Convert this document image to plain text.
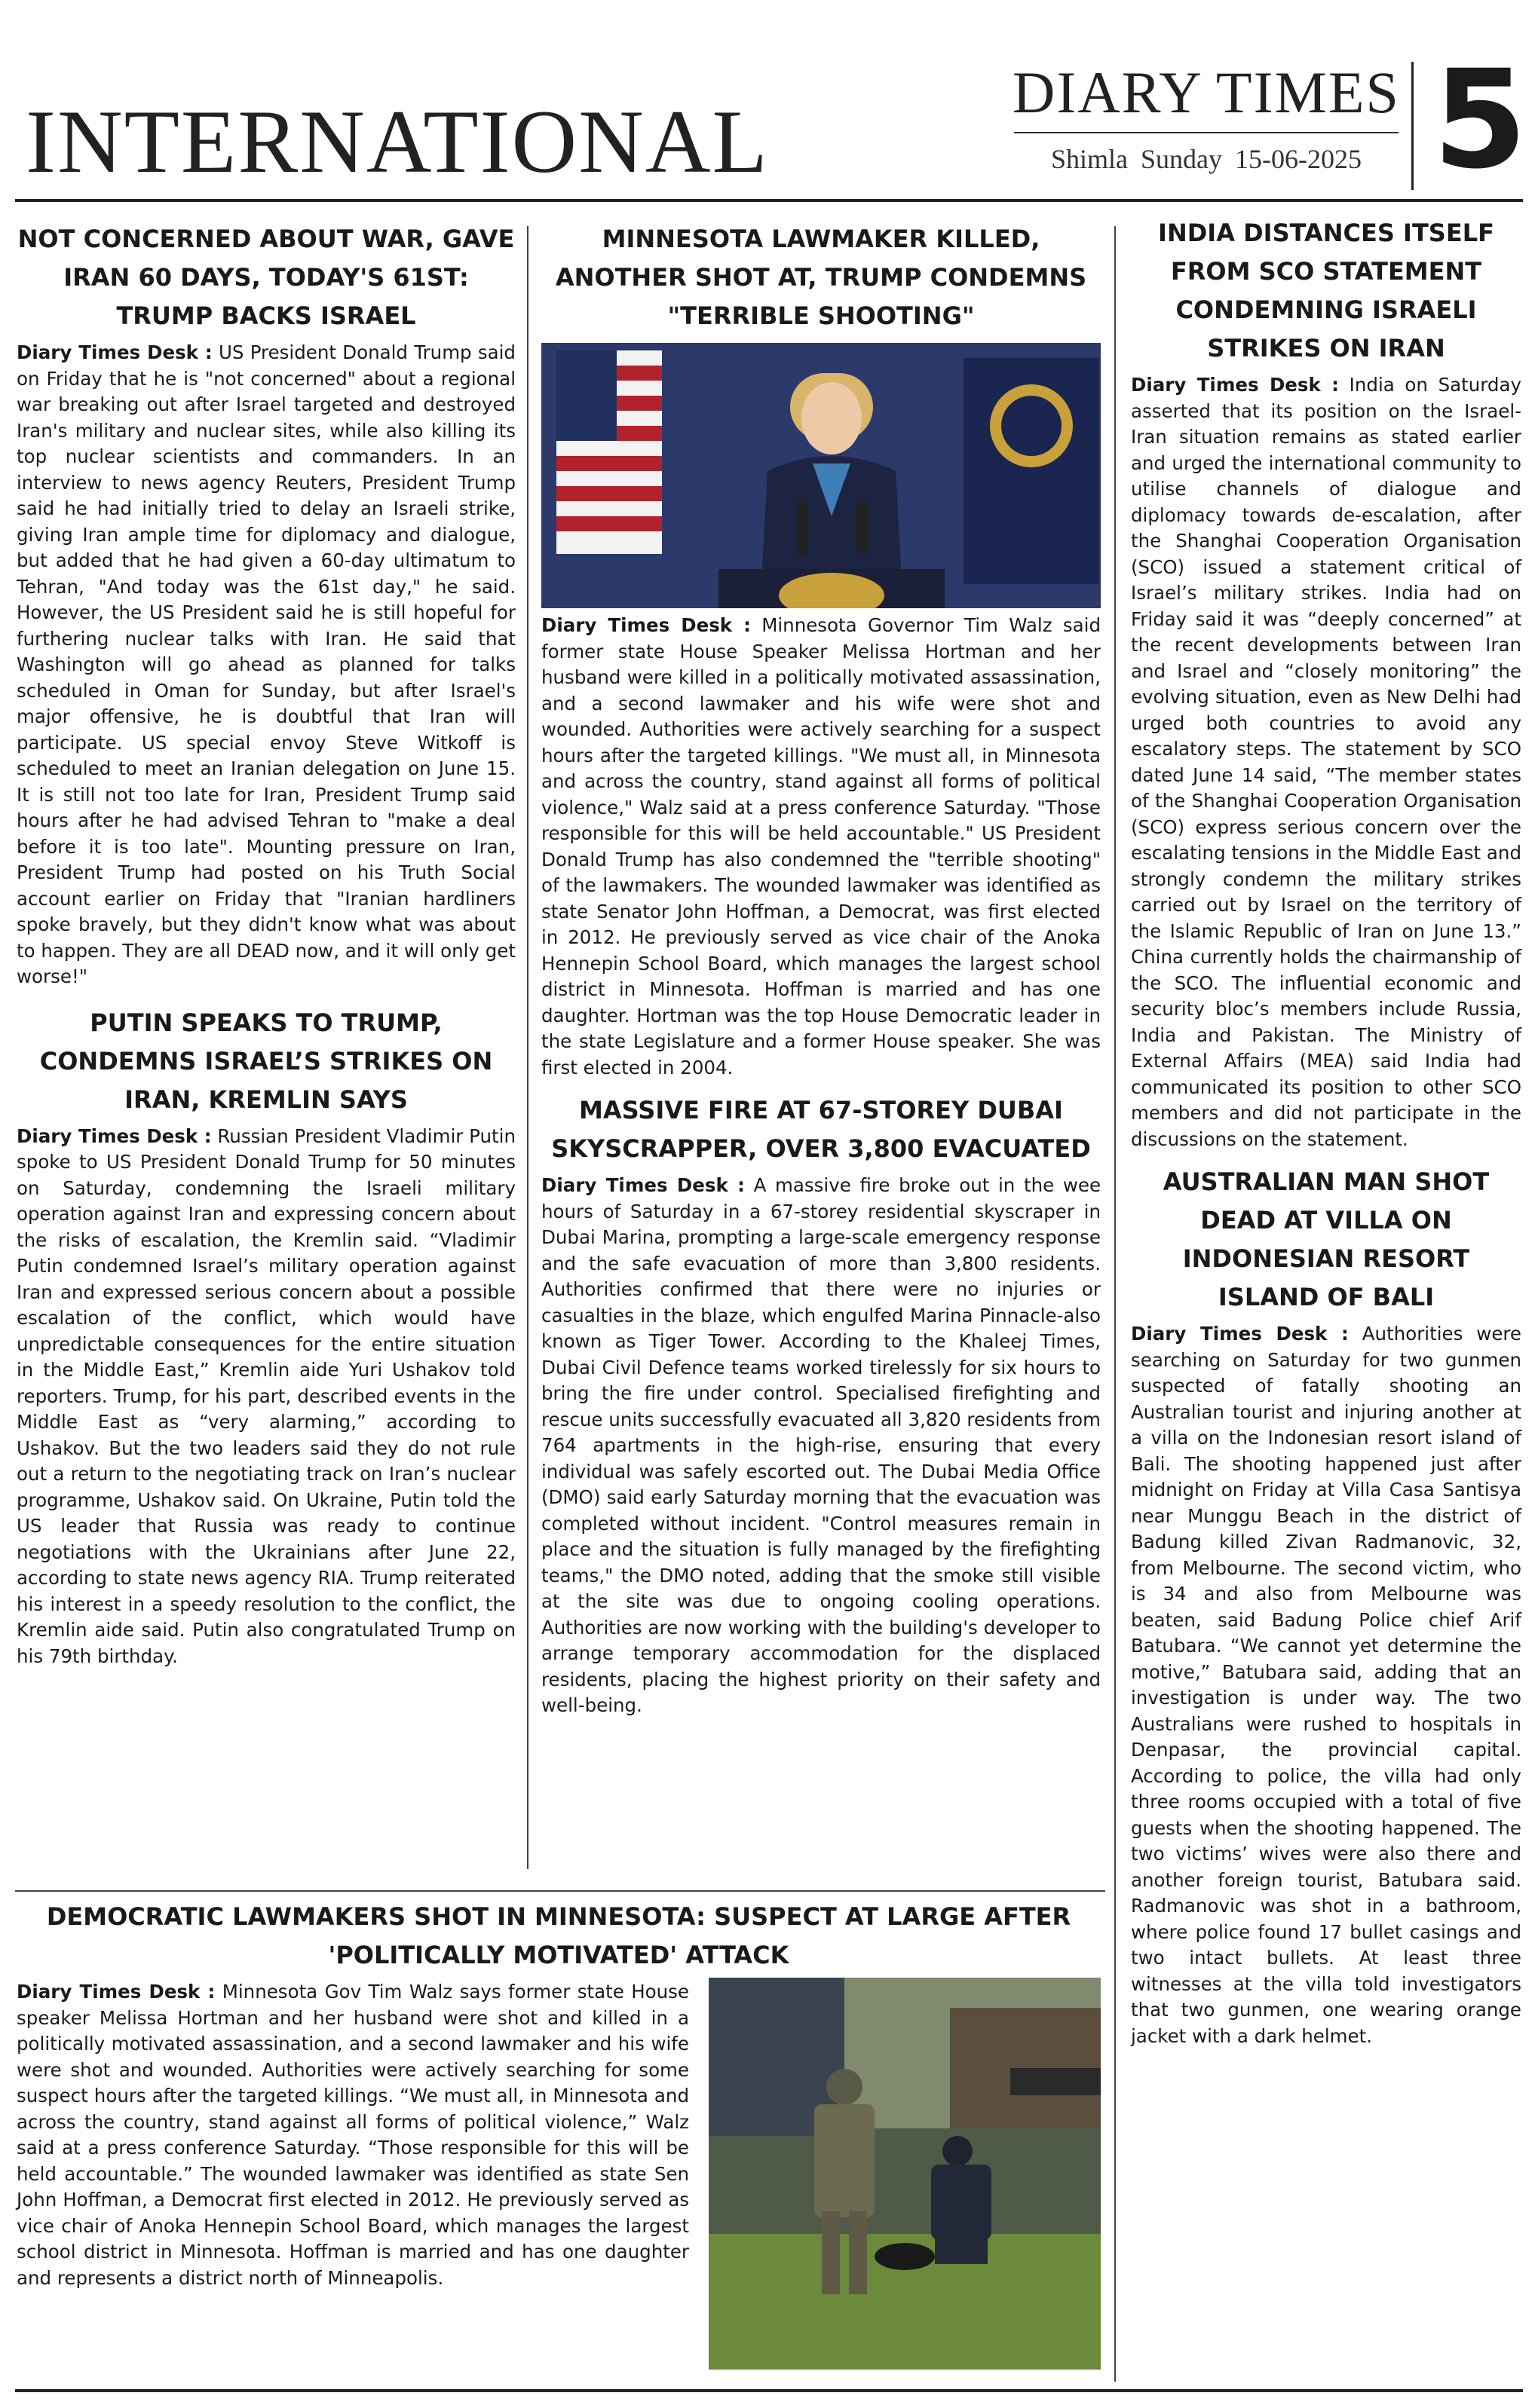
INTERNATIONAL	DIARY TIMES
Shimla Sunday 15-06-2025 5
NOT CONCERNED ABOUT WAR, GAVE IRAN 60 DAYS, TODAY'S 61ST: TRUMP BACKS ISRAEL

Diary Times Desk : US President Donald Trump said on Friday that he is "not concerned" about a regional war breaking out after Israel targeted and destroyed Iran's military and nuclear sites, while also killing its top nuclear scientists and commanders. In an interview to news agency Reuters, President Trump said he had initially tried to delay an Israeli strike, giving Iran ample time for diplomacy and dialogue, but added that he had given a 60-day ultimatum to Tehran, "And today was the 61st day," he said. However, the US President said he is still hopeful for furthering nuclear talks with Iran. He said that Washington will go ahead as planned for talks scheduled in Oman for Sunday, but after Israel's major offensive, he is doubtful that Iran will participate. US special envoy Steve Witkoff is scheduled to meet an Iranian delegation on June 15. It is still not too late for Iran, President Trump said hours after he had advised Tehran to "make a deal before it is too late". Mounting pressure on Iran, President Trump had posted on his Truth Social account earlier on Friday that "Iranian hardliners spoke bravely, but they didn't know what was about to happen. They are all DEAD now, and it will only get worse!"

PUTIN SPEAKS TO TRUMP, CONDEMNS ISRAEL’S STRIKES ON IRAN, KREMLIN SAYS

Diary Times Desk : Russian President Vladimir Putin spoke to US President Donald Trump for 50 minutes on Saturday, condemning the Israeli military operation against Iran and expressing concern about the risks of escalation, the Kremlin said. “Vladimir Putin condemned Israel’s military operation against Iran and expressed serious concern about a possible escalation of the conflict, which would have unpredictable consequences for the entire situation in the Middle East,” Kremlin aide Yuri Ushakov told reporters. Trump, for his part, described events in the Middle East as “very alarming,” according to Ushakov. But the two leaders said they do not rule out a return to the negotiating track on Iran’s nuclear programme, Ushakov said. On Ukraine, Putin told the US leader that Russia was ready to continue negotiations with the Ukrainians after June 22, according to state news agency RIA. Trump reiterated his interest in a speedy resolution to the conflict, the Kremlin aide said. Putin also congratulated Trump on his 79th birthday.

MINNESOTA LAWMAKER KILLED, ANOTHER SHOT AT, TRUMP CONDEMNS "TERRIBLE SHOOTING"

Diary Times Desk : Minnesota Governor Tim Walz said former state House Speaker Melissa Hortman and her husband were killed in a politically motivated assassination, and a second lawmaker and his wife were shot and wounded. Authorities were actively searching for a suspect hours after the targeted killings. "We must all, in Minnesota and across the country, stand against all forms of political violence," Walz said at a press conference Saturday. "Those responsible for this will be held accountable." US President Donald Trump has also condemned the "terrible shooting" of the lawmakers. The wounded lawmaker was identified as state Senator John Hoffman, a Democrat, was first elected in 2012. He previously served as vice chair of the Anoka Hennepin School Board, which manages the largest school district in Minnesota. Hoffman is married and has one daughter. Hortman was the top House Democratic leader in the state Legislature and a former House speaker. She was first elected in 2004.

MASSIVE FIRE AT 67-STOREY DUBAI SKYSCRAPPER, OVER 3,800 EVACUATED

Diary Times Desk : A massive fire broke out in the wee hours of Saturday in a 67-storey residential skyscraper in Dubai Marina, prompting a large-scale emergency response and the safe evacuation of more than 3,800 residents. Authorities confirmed that there were no injuries or casualties in the blaze, which engulfed Marina Pinnacle-also known as Tiger Tower. According to the Khaleej Times, Dubai Civil Defence teams worked tirelessly for six hours to bring the fire under control. Specialised firefighting and rescue units successfully evacuated all 3,820 residents from 764 apartments in the high-rise, ensuring that every individual was safely escorted out. The Dubai Media Office (DMO) said early Saturday morning that the evacuation was completed without incident. "Control measures remain in place and the situation is fully managed by the firefighting teams," the DMO noted, adding that the smoke still visible at the site was due to ongoing cooling operations. Authorities are now working with the building's developer to arrange temporary accommodation for the displaced residents, placing the highest priority on their safety and well-being.

INDIA DISTANCES ITSELF FROM SCO STATEMENT CONDEMNING ISRAELI STRIKES ON IRAN

Diary Times Desk : India on Saturday asserted that its position on the Israel-Iran situation remains as stated earlier and urged the international community to utilise channels of dialogue and diplomacy towards de-escalation, after the Shanghai Cooperation Organisation (SCO) issued a statement critical of Israel’s military strikes. India had on Friday said it was “deeply concerned” at the recent developments between Iran and Israel and “closely monitoring” the evolving situation, even as New Delhi had urged both countries to avoid any escalatory steps. The statement by SCO dated June 14 said, “The member states of the Shanghai Cooperation Organisation (SCO) express serious concern over the escalating tensions in the Middle East and strongly condemn the military strikes carried out by Israel on the territory of the Islamic Republic of Iran on June 13.” China currently holds the chairmanship of the SCO. The influential economic and security bloc’s members include Russia, India and Pakistan. The Ministry of External Affairs (MEA) said India had communicated its position to other SCO members and did not participate in the discussions on the statement.

AUSTRALIAN MAN SHOT DEAD AT VILLA ON INDONESIAN RESORT ISLAND OF BALI

Diary Times Desk : Authorities were searching on Saturday for two gunmen suspected of fatally shooting an Australian tourist and injuring another at a villa on the Indonesian resort island of Bali. The shooting happened just after midnight on Friday at Villa Casa Santisya near Munggu Beach in the district of Badung killed Zivan Radmanovic, 32, from Melbourne. The second victim, who is 34 and also from Melbourne was beaten, said Badung Police chief Arif Batubara. “We cannot yet determine the motive,” Batubara said, adding that an investigation is under way. The two Australians were rushed to hospitals in Denpasar, the provincial capital. According to police, the villa had only three rooms occupied with a total of five guests when the shooting happened. The two victims’ wives were also there and another foreign tourist, Batubara said. Radmanovic was shot in a bathroom, where police found 17 bullet casings and two intact bullets. At least three witnesses at the villa told investigators that two gunmen, one wearing orange jacket with a dark helmet.

DEMOCRATIC LAWMAKERS SHOT IN MINNESOTA: SUSPECT AT LARGE AFTER 'POLITICALLY MOTIVATED' ATTACK

Diary Times Desk : Minnesota Gov Tim Walz says former state House speaker Melissa Hortman and her husband were shot and killed in a politically motivated assassination, and a second lawmaker and his wife were shot and wounded. Authorities were actively searching for some suspect hours after the targeted killings. “We must all, in Minnesota and across the country, stand against all forms of political violence,” Walz said at a press conference Saturday. “Those responsible for this will be held accountable.” The wounded lawmaker was identified as state Sen John Hoffman, a Democrat first elected in 2012. He previously served as vice chair of Anoka Hennepin School Board, which manages the largest school district in Minnesota. Hoffman is married and has one daughter and represents a district north of Minneapolis.
